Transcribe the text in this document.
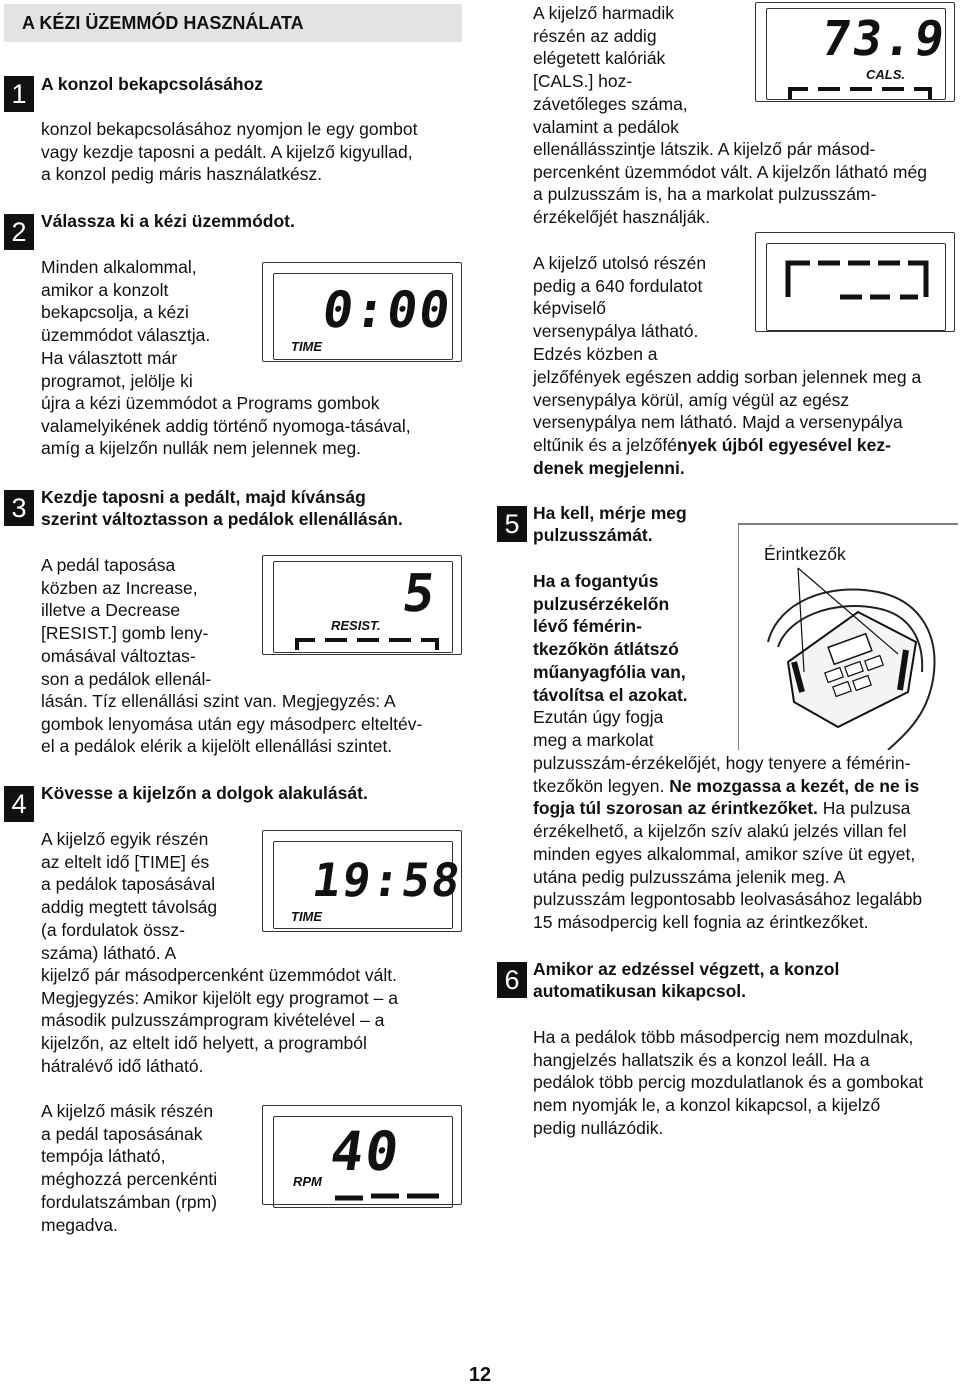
A KÉZI ÜZEMMÓD HASZNÁLATA
1 A konzol bekapcsolásához
konzol bekapcsolásához nyomjon le egy gombot
vagy kezdje taposni a pedált. A kijelző kigyullad,
a konzol pedig máris használatkész.
2 Válassza ki a kézi üzemmódot.
Minden alkalommal,
amikor a konzolt
bekapcsolja, a kézi
üzemmódot választja.
Ha választott már
programot, jelölje ki
újra a kézi üzemmódot a Programs gombok
valamelyikének addig történő nyomoga-tásával,
amíg a kijelzőn nullák nem jelennek meg.
0:00
TIME
3 Kezdje taposni a pedált, majd kívánság
szerint változtasson a pedálok ellenállásán.
A pedál taposása
közben az Increase,
illetve a Decrease
[RESIST.] gomb leny-
omásával változtas-
son a pedálok ellenál-
lásán. Tíz ellenállási szint van. Megjegyzés: A
gombok lenyomása után egy másodperc elteltév-
el a pedálok elérik a kijelölt ellenállási szintet.
5
RESIST.
4 Kövesse a kijelzőn a dolgok alakulását.
A kijelző egyik részén
az eltelt idő [TIME] és
a pedálok taposásával
addig megtett távolság
(a fordulatok össz-
száma) látható. A
kijelző pár másodpercenként üzemmódot vált.
Megjegyzés: Amikor kijelölt egy programot – a
második pulzusszámprogram kivételével – a
kijelzőn, az eltelt idő helyett, a programból
hátralévő idő látható.
A kijelző másik részén
a pedál taposásának
tempója látható,
méghozzá percenkénti
fordulatszámban (rpm)
megadva.
19:58
TIME
40
RPM
A kijelző harmadik
részén az addig
elégetett kalóriák
[CALS.] hoz-
závetőleges száma,
valamint a pedálok
ellenállásszintje látszik. A kijelző pár másod-
percenként üzemmódot vált. A kijelzőn látható még
a pulzusszám is, ha a markolat pulzusszám-
érzékelőjét használják.
73.9
CALS.
A kijelző utolsó részén
pedig a 640 fordulatot
képviselő
versenypálya látható.
Edzés közben a
jelzőfények egészen addig sorban jelennek meg a
versenypálya körül, amíg végül az egész
versenypálya nem látható. Majd a versenypálya
eltűnik és a jelzőfények újból egyesével kez-
denek megjelenni.
5 Ha kell, mérje meg
pulzusszámát.
Ha a fogantyús
pulzusérzékelőn
lévő fémérin-
tkezőkön átlátszó
műanyagfólia van,
távolítsa el azokat.
Ezután úgy fogja
meg a markolat
pulzusszám-érzékelőjét, hogy tenyere a fémérin-
tkezőkön legyen. Ne mozgassa a kezét, de ne is
fogja túl szorosan az érintkezőket. Ha pulzusa
érzékelhető, a kijelzőn szív alakú jelzés villan fel
minden egyes alkalommal, amikor szíve üt egyet,
utána pedig pulzusszáma jelenik meg. A
pulzusszám legpontosabb leolvasásához legalább
15 másodpercig kell fognia az érintkezőket.
Érintkezők
6 Amikor az edzéssel végzett, a konzol
automatikusan kikapcsol.
Ha a pedálok több másodpercig nem mozdulnak,
hangjelzés hallatszik és a konzol leáll. Ha a
pedálok több percig mozdulatlanok és a gombokat
nem nyomják le, a konzol kikapcsol, a kijelző
pedig nullázódik.
12
